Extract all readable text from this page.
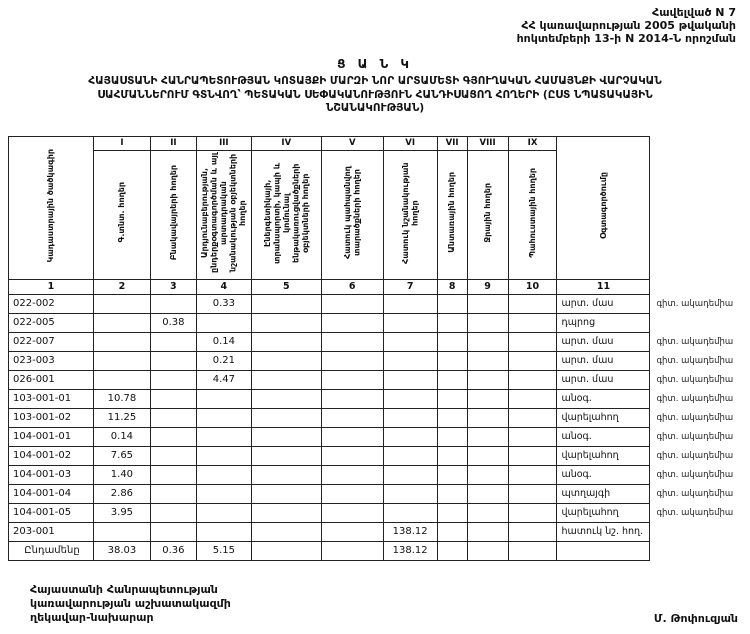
Հավելված N 7
ՀՀ կառավարության 2005 թվականի
հոկտեմբերի 13-ի N 2014-Ն որոշման
Ց Ա Ն Կ
ՀԱՅԱՍՏԱՆԻ ՀԱՆՐԱՊԵՏՈՒԹՅԱՆ ԿՈՏԱՅՔԻ ՄԱՐԶԻ ՆՈՐ ԱՐՏԱՄԵՏԻ ԳՅՈՒՂԱԿԱՆ ՀԱՄԱՅՆՔԻ ՎԱՐՉԱԿԱՆ ՍԱՀՄԱՆՆԵՐՈՒՄ ԳՏՆՎՈՂ՝ ՊԵՏԱԿԱՆ ՍԵՓԱԿԱՆՈՒԹՅՈՒՆ ՀԱՆԴԻՍԱՑՈՂ ՀՈՂԵՐԻ (ԸՍՏ ՆՊԱՏԱԿԱՅԻՆ ՆՇԱՆԱԿՈՒԹՅԱՆ)
Կադաստրային ծածկագիր	I	II	III	IV	V	VI	VII	VIII	IX	Օգտագործումը	
	Գ.տնտ. հողեր	Բնակավայրերի հողեր	Արդյունաբերության, ընդերքօգտագործման և այլ արտադրական նշանակության օբյեկտների հողեր	Էներգետիկայի, տրանսպորտի, կապի և կոմունալ ենթակառուցվածքների օբյեկտների հողեր	Հատուկ պահպանվող տարածքների հողեր	Հատուկ նշանակության հողեր	Անտառային հողեր	Ջրային հողեր	Պահուստային հողեր		
1	2	3	4	5	6	7	8	9	10	11	
022-002			0.33							արտ. մաս	գիտ. ակադեմիա
022-005		0.38								դպրոց	
022-007			0.14							արտ. մաս	գիտ. ակադեմիա
023-003			0.21							արտ. մաս	գիտ. ակադեմիա
026-001			4.47							արտ. մաս	գիտ. ակադեմիա
103-001-01	10.78									անօգ.	գիտ. ակադեմիա
103-001-02	11.25									վարելահող	գիտ. ակադեմիա
104-001-01	0.14									անօգ.	գիտ. ակադեմիա
104-001-02	7.65									վարելահող	գիտ. ակադեմիա
104-001-03	1.40									անօգ.	գիտ. ակադեմիա
104-001-04	2.86									պտղայգի	գիտ. ակադեմիա
104-001-05	3.95									վարելահող	գիտ. ակադեմիա
203-001						138.12				հատուկ նշ. հող.	
Ընդամենը	38.03	0.36	5.15			138.12					
Հայաստանի Հանրապետության
կառավարության աշխատակազմի
ղեկավար-նախարար	Մ. Թոփուզյան
